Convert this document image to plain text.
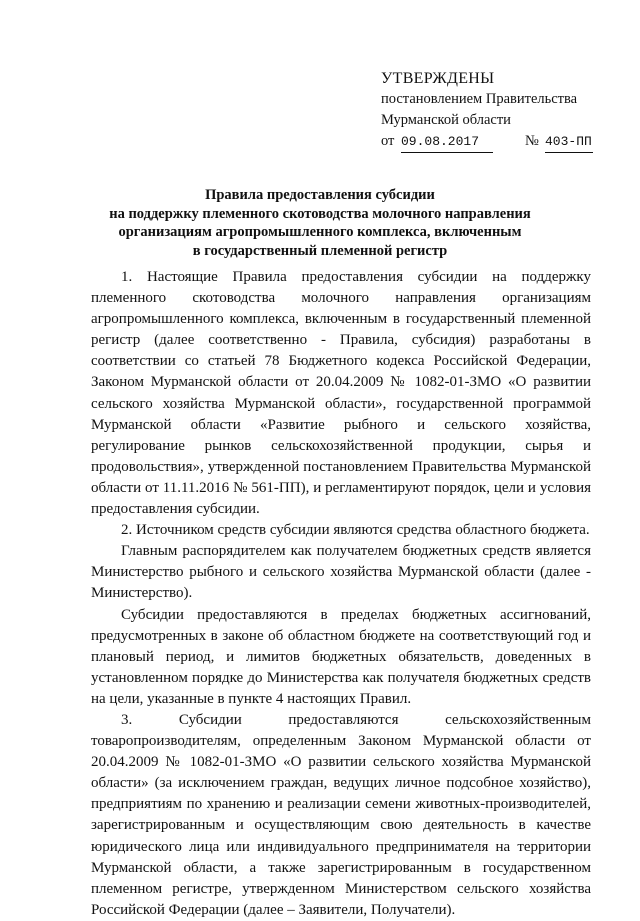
УТВЕРЖДЕНЫ
постановлением Правительства
Мурманской области
от 09.08.2017	№ 403-ПП
Правила предоставления субсидии
на поддержку племенного скотоводства молочного направления
организациям агропромышленного комплекса, включенным
в государственный племенной регистр

1. Настоящие Правила предоставления субсидии на поддержку племенного скотоводства молочного направления организациям агропромышленного комплекса, включенным в государственный племенной регистр (далее соответственно - Правила, субсидия) разработаны в соответствии со статьей 78 Бюджетного кодекса Российской Федерации, Законом Мурманской области от 20.04.2009 № 1082-01-ЗМО «О развитии сельского хозяйства Мурманской области», государственной программой Мурманской области «Развитие рыбного и сельского хозяйства, регулирование рынков сельскохозяйственной продукции, сырья и продовольствия», утвержденной постановлением Правительства Мурманской области от 11.11.2016 № 561-ПП), и регламентируют порядок, цели и условия предоставления субсидии.

2. Источником средств субсидии являются средства областного бюджета.

Главным распорядителем как получателем бюджетных средств является Министерство рыбного и сельского хозяйства Мурманской области (далее - Министерство).

Субсидии предоставляются в пределах бюджетных ассигнований, предусмотренных в законе об областном бюджете на соответствующий год и плановый период, и лимитов бюджетных обязательств, доведенных в установленном порядке до Министерства как получателя бюджетных средств на цели, указанные в пункте 4 настоящих Правил.

3. Субсидии предоставляются сельскохозяйственным товаропроизводителям, определенным Законом Мурманской области от 20.04.2009 № 1082-01-ЗМО «О развитии сельского хозяйства Мурманской области» (за исключением граждан, ведущих личное подсобное хозяйство), предприятиям по хранению и реализации семени животных-производителей, зарегистрированным и осуществляющим свою деятельность в качестве юридического лица или индивидуального предпринимателя на территории Мурманской области, а также зарегистрированным в государственном племенном регистре, утвержденном Министерством сельского хозяйства Российской Федерации (далее – Заявители, Получатели).
